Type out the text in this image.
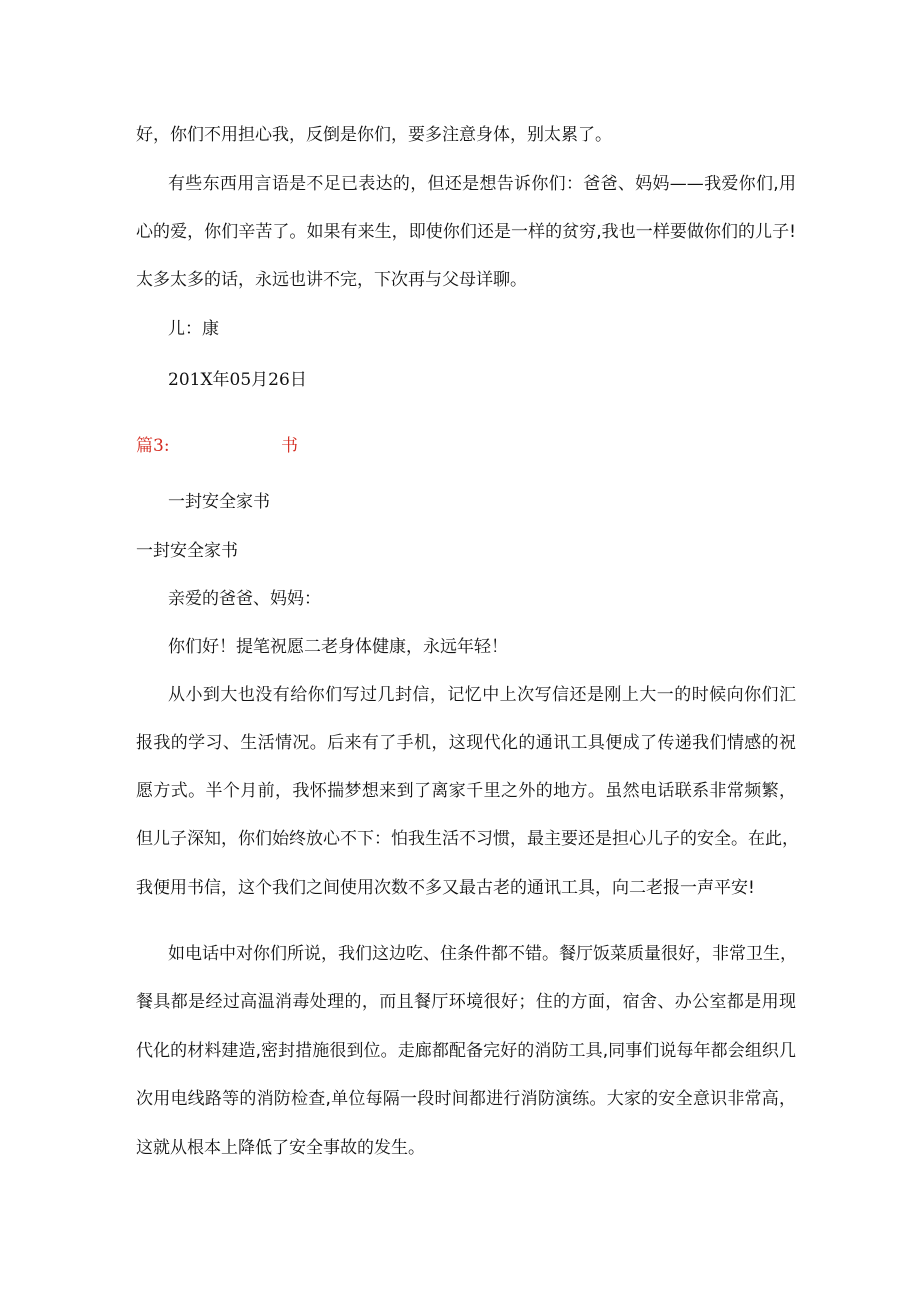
好，你们不用担心我，反倒是你们，要多注意身体，别太累了。
有些东西用言语是不足已表达的，但还是想告诉你们：爸爸、妈妈——我爱你们,用
心的爱，你们辛苦了。如果有来生，即使你们还是一样的贫穷,我也一样要做你们的儿子!
太多太多的话，永远也讲不完，下次再与父母详聊。
儿：康
201X年05月26日
篇3:	书
一封安全家书
一封安全家书
亲爱的爸爸、妈妈：
你们好！提笔祝愿二老身体健康，永远年轻！
从小到大也没有给你们写过几封信，记忆中上次写信还是刚上大一的时候向你们汇
报我的学习、生活情况。后来有了手机，这现代化的通讯工具便成了传递我们情感的祝
愿方式。半个月前，我怀揣梦想来到了离家千里之外的地方。虽然电话联系非常频繁，
但儿子深知，你们始终放心不下：怕我生活不习惯，最主要还是担心儿子的安全。在此，
我便用书信，这个我们之间使用次数不多又最古老的通讯工具，向二老报一声平安!
如电话中对你们所说，我们这边吃、住条件都不错。餐厅饭菜质量很好，非常卫生，
餐具都是经过高温消毒处理的，而且餐厅环境很好；住的方面，宿舍、办公室都是用现
代化的材料建造,密封措施很到位。走廊都配备完好的消防工具,同事们说每年都会组织几
次用电线路等的消防检查,单位每隔一段时间都进行消防演练。大家的安全意识非常高，
这就从根本上降低了安全事故的发生。
